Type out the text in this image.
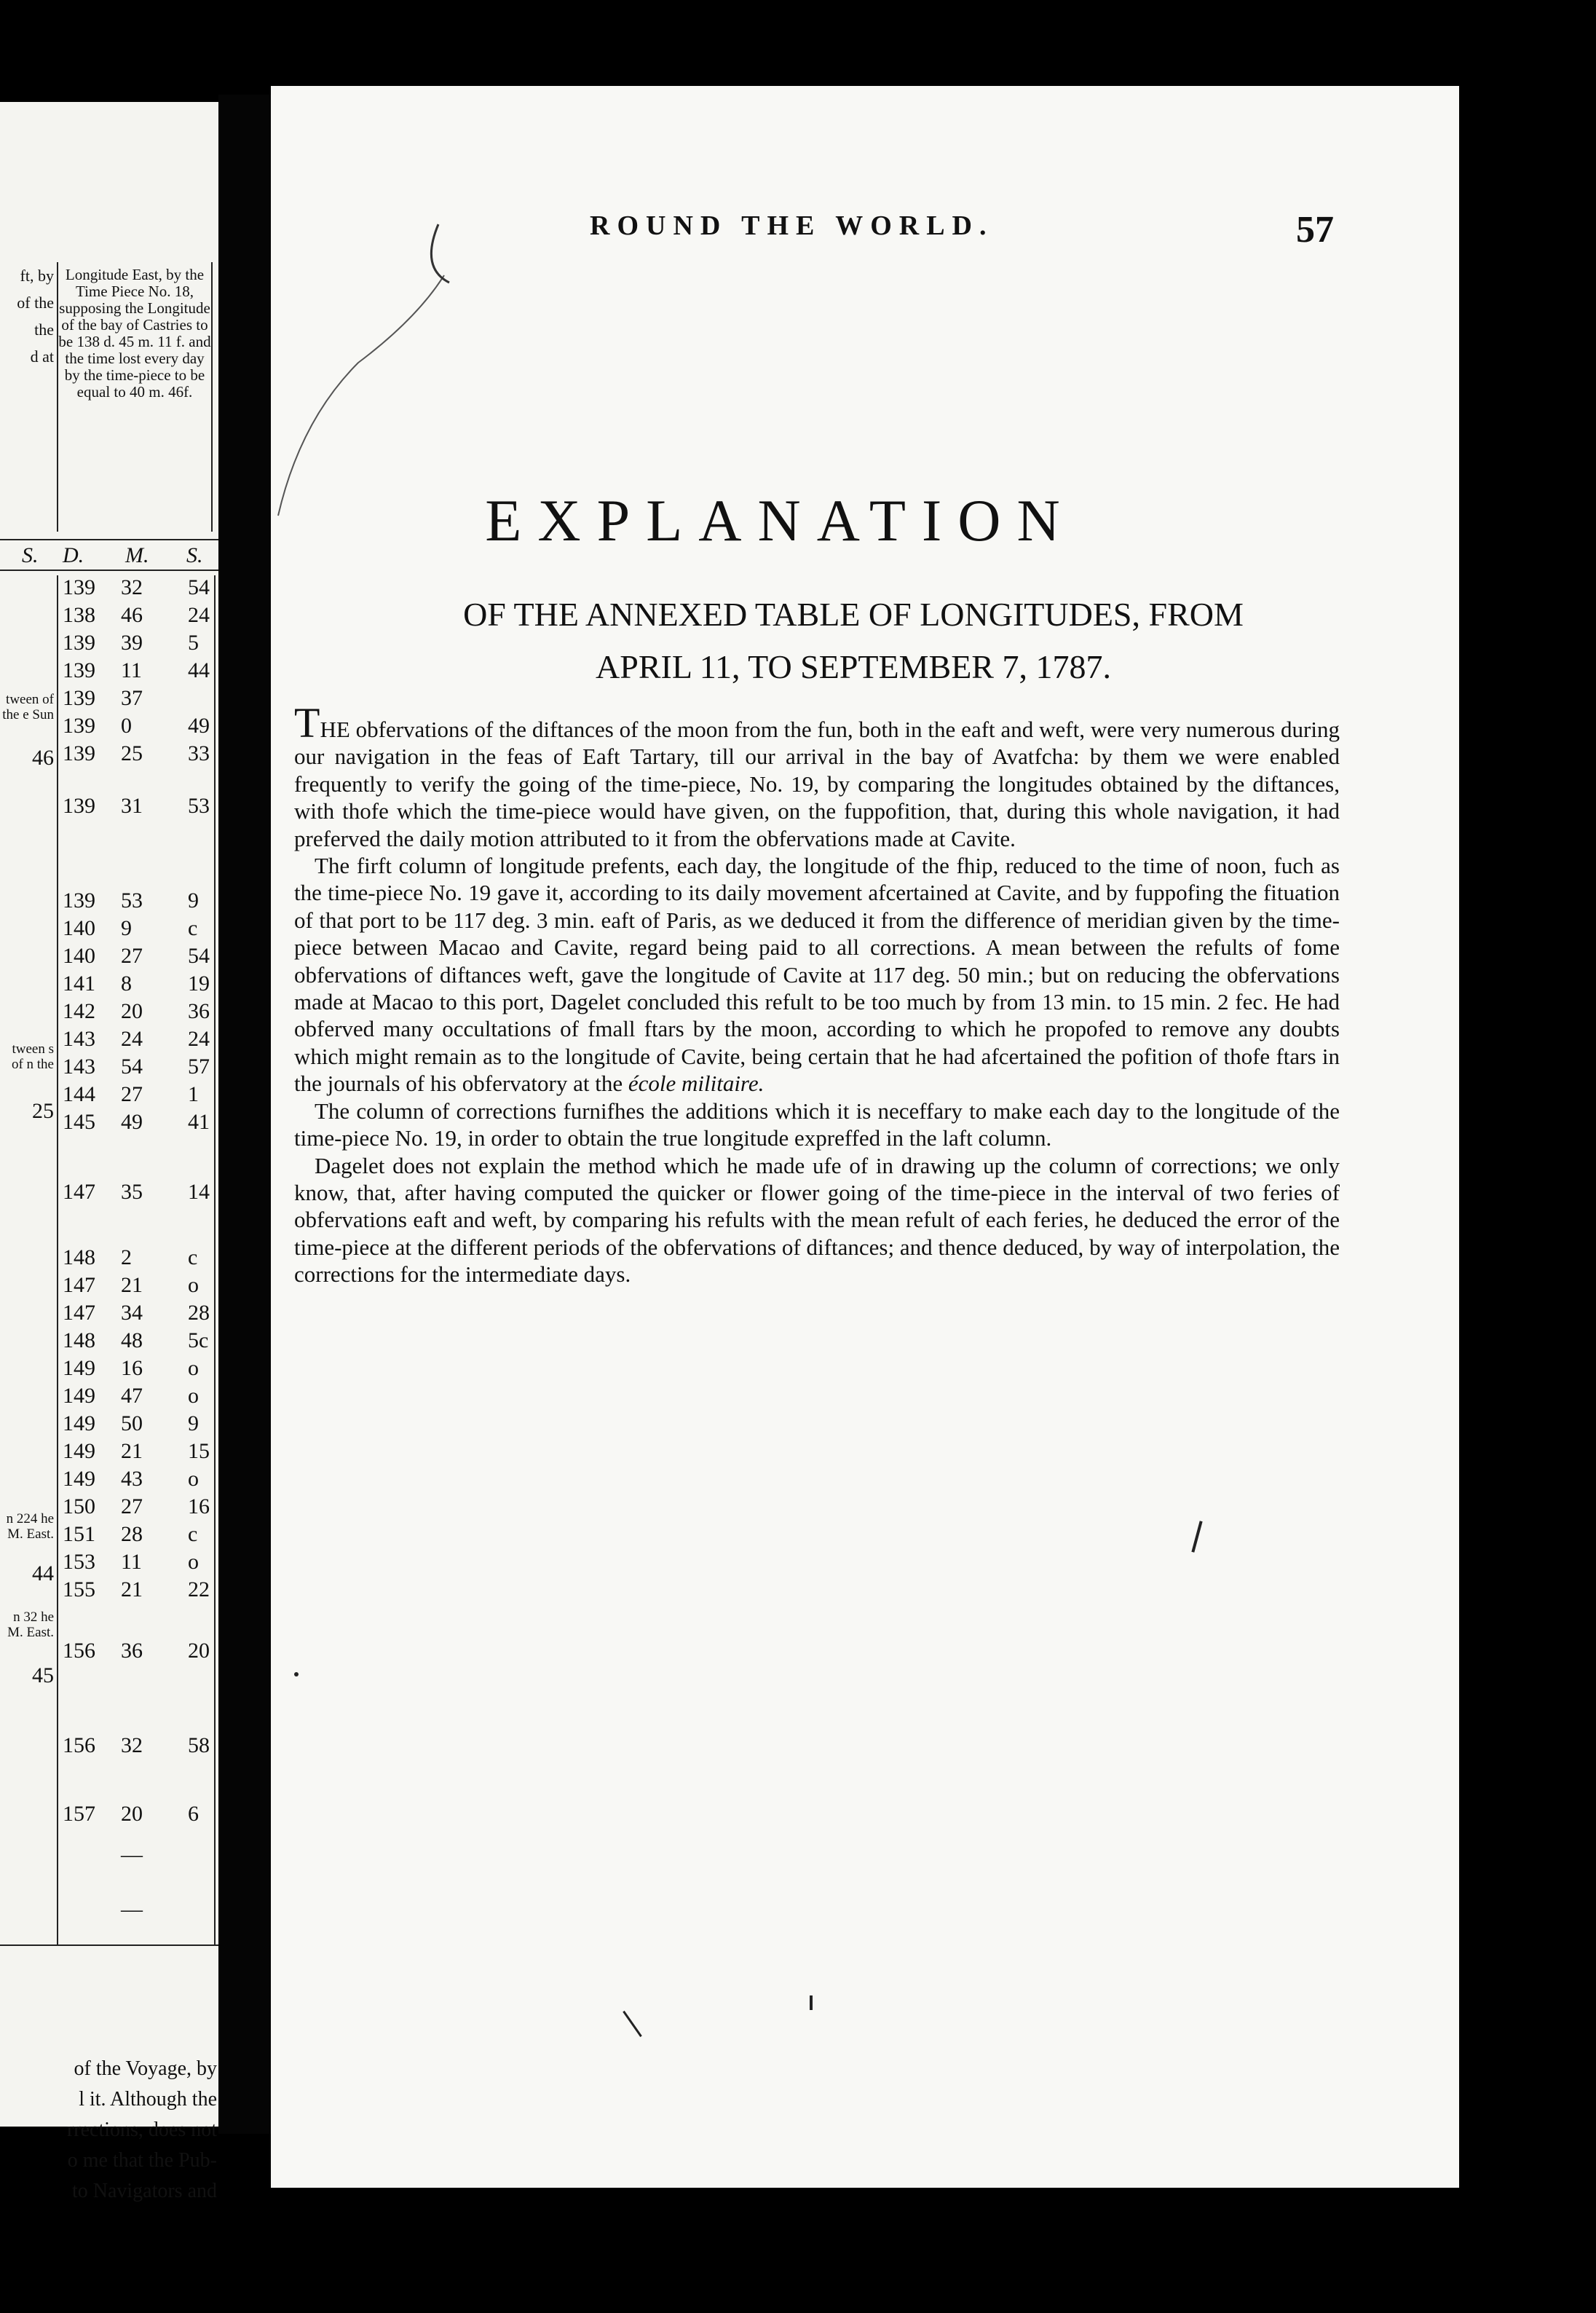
ft, by
of the
the
d at
Longitude East, by the Time Piece No. 18, supposing the Longitude of the bay of Castries to be 138 d. 45 m. 11 f. and the time lost every day by the time-piece to be equal to 40 m. 46f.
S. D. M. S.
139 32 54
138 46 24
139 39 5
139 11 44
139 37
139 0	49
139 25 33
139 31 53
139 53 9
140 9	c
140 27 54
141 8	19
142 20 36
143 24 24
143 54 57
144 27 1
145 49 41
147 35 14
148 2	c
147 21 o
147 34 28
148 48 5c
149 16 o
149 47 o
149 50 9
149 21 15
149 43 o
150 27 16
151 28 c
153 11 o
155 21 22
156 36 20
156 32 58
157 20 6
—
—
tween of the e Sun
46
tween s of n the
25
n 224 he M. East.
44
n 32 he M. East.
45
of the Voyage, by
l it. Although the
rrections, does not
o me that the Pub-
to Navigators and
ROUND THE WORLD.	57
EXPLANATION
OF THE ANNEXED TABLE OF LONGITUDES, FROM
APRIL 11, TO SEPTEMBER 7, 1787.

THE obfervations of the diftances of the moon from the fun, both in the eaft and weft, were very numerous during our navigation in the feas of Eaft Tartary, till our arrival in the bay of Avatfcha: by them we were enabled frequently to verify the going of the time-piece, No. 19, by comparing the longitudes obtained by the diftances, with thofe which the time-piece would have given, on the fuppofition, that, during this whole navigation, it had preferved the daily motion attributed to it from the obfervations made at Cavite.

The firft column of longitude prefents, each day, the longitude of the fhip, reduced to the time of noon, fuch as the time-piece No. 19 gave it, according to its daily movement afcertained at Cavite, and by fuppofing the fituation of that port to be 117 deg. 3 min. eaft of Paris, as we deduced it from the difference of meridian given by the time-piece between Macao and Cavite, regard being paid to all corrections. A mean between the refults of fome obfervations of diftances weft, gave the longitude of Cavite at 117 deg. 50 min.; but on reducing the obfervations made at Macao to this port, Dagelet concluded this refult to be too much by from 13 min. to 15 min. 2 fec. He had obferved many occultations of fmall ftars by the moon, according to which he propofed to remove any doubts which might remain as to the longitude of Cavite, being certain that he had afcertained the pofition of thofe ftars in the journals of his obfervatory at the école militaire.

The column of corrections furnifhes the additions which it is neceffary to make each day to the longitude of the time-piece No. 19, in order to obtain the true longitude expreffed in the laft column.

Dagelet does not explain the method which he made ufe of in drawing up the column of corrections; we only know, that, after having computed the quicker or flower going of the time-piece in the interval of two feries of obfervations eaft and weft, by comparing his refults with the mean refult of each feries, he deduced the error of the time-piece at the different periods of the obfervations of diftances; and thence deduced, by way of interpolation, the corrections for the intermediate days.
